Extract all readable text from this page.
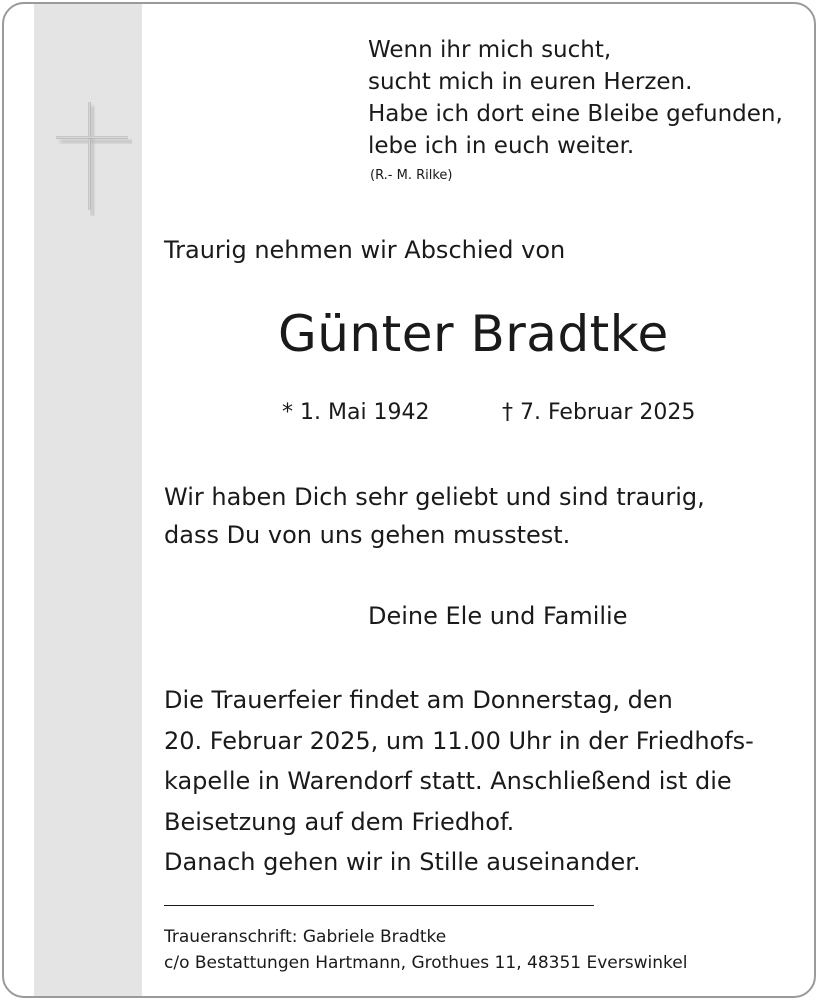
Wenn ihr mich sucht,
sucht mich in euren Herzen.
Habe ich dort eine Bleibe gefunden,
lebe ich in euch weiter.
(R.- M. Rilke)
Traurig nehmen wir Abschied von
Günter Bradtke
* 1. Mai 1942	† 7. Februar 2025
Wir haben Dich sehr geliebt und sind traurig,
dass Du von uns gehen musstest.
Deine Ele und Familie
Die Trauerfeier findet am Donnerstag, den
20. Februar 2025, um 11.00 Uhr in der Friedhofs-
kapelle in Warendorf statt. Anschließend ist die
Beisetzung auf dem Friedhof.
Danach gehen wir in Stille auseinander.
Traueranschrift: Gabriele Bradtke
c/o Bestattungen Hartmann, Grothues 11, 48351 Everswinkel
